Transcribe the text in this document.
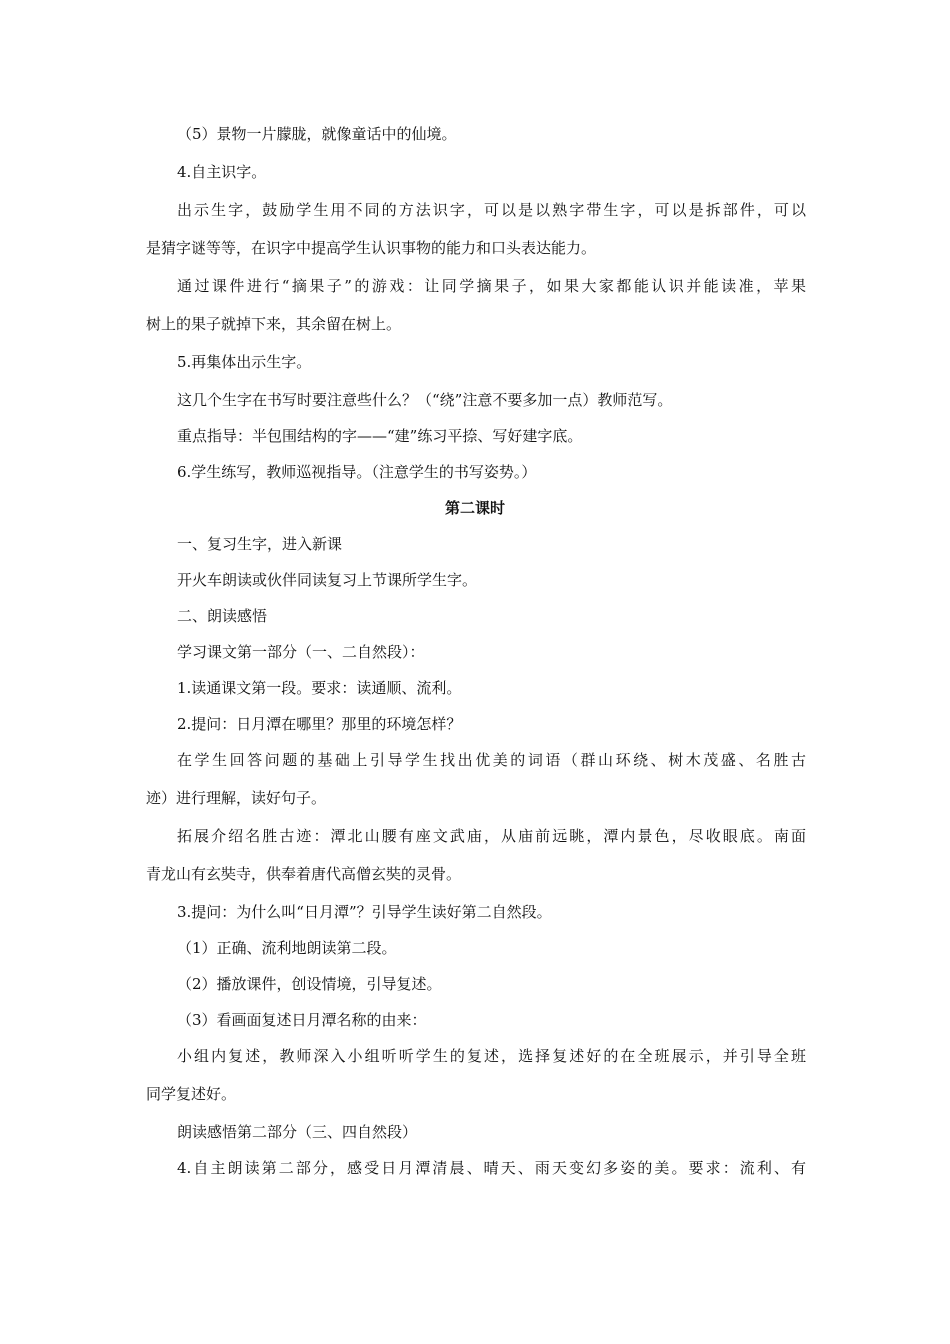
（5）景物一片朦胧，就像童话中的仙境。
4.自主识字。
出示生字，鼓励学生用不同的方法识字，可以是以熟字带生字，可以是拆部件，可以
是猜字谜等等，在识字中提高学生认识事物的能力和口头表达能力。
通过课件进行“摘果子”的游戏：让同学摘果子，如果大家都能认识并能读准，苹果
树上的果子就掉下来，其余留在树上。
5.再集体出示生字。
这几个生字在书写时要注意些什么？（“绕”注意不要多加一点）教师范写。
重点指导：半包围结构的字——“建”练习平捺、写好建字底。
6.学生练写，教师巡视指导。（注意学生的书写姿势。）
第二课时
一、复习生字，进入新课
开火车朗读或伙伴同读复习上节课所学生字。
二、朗读感悟
学习课文第一部分（一、二自然段）：
1.读通课文第一段。要求：读通顺、流利。
2.提问：日月潭在哪里？那里的环境怎样？
在学生回答问题的基础上引导学生找出优美的词语（群山环绕、树木茂盛、名胜古
迹）进行理解，读好句子。
拓展介绍名胜古迹：潭北山腰有座文武庙，从庙前远眺，潭内景色，尽收眼底。南面
青龙山有玄奘寺，供奉着唐代高僧玄奘的灵骨。
3.提问：为什么叫“日月潭”？引导学生读好第二自然段。
（1）正确、流利地朗读第二段。
（2）播放课件，创设情境，引导复述。
（3）看画面复述日月潭名称的由来：
小组内复述，教师深入小组听听学生的复述，选择复述好的在全班展示，并引导全班
同学复述好。
朗读感悟第二部分（三、四自然段）
4.自主朗读第二部分，感受日月潭清晨、晴天、雨天变幻多姿的美。要求：流利、有
